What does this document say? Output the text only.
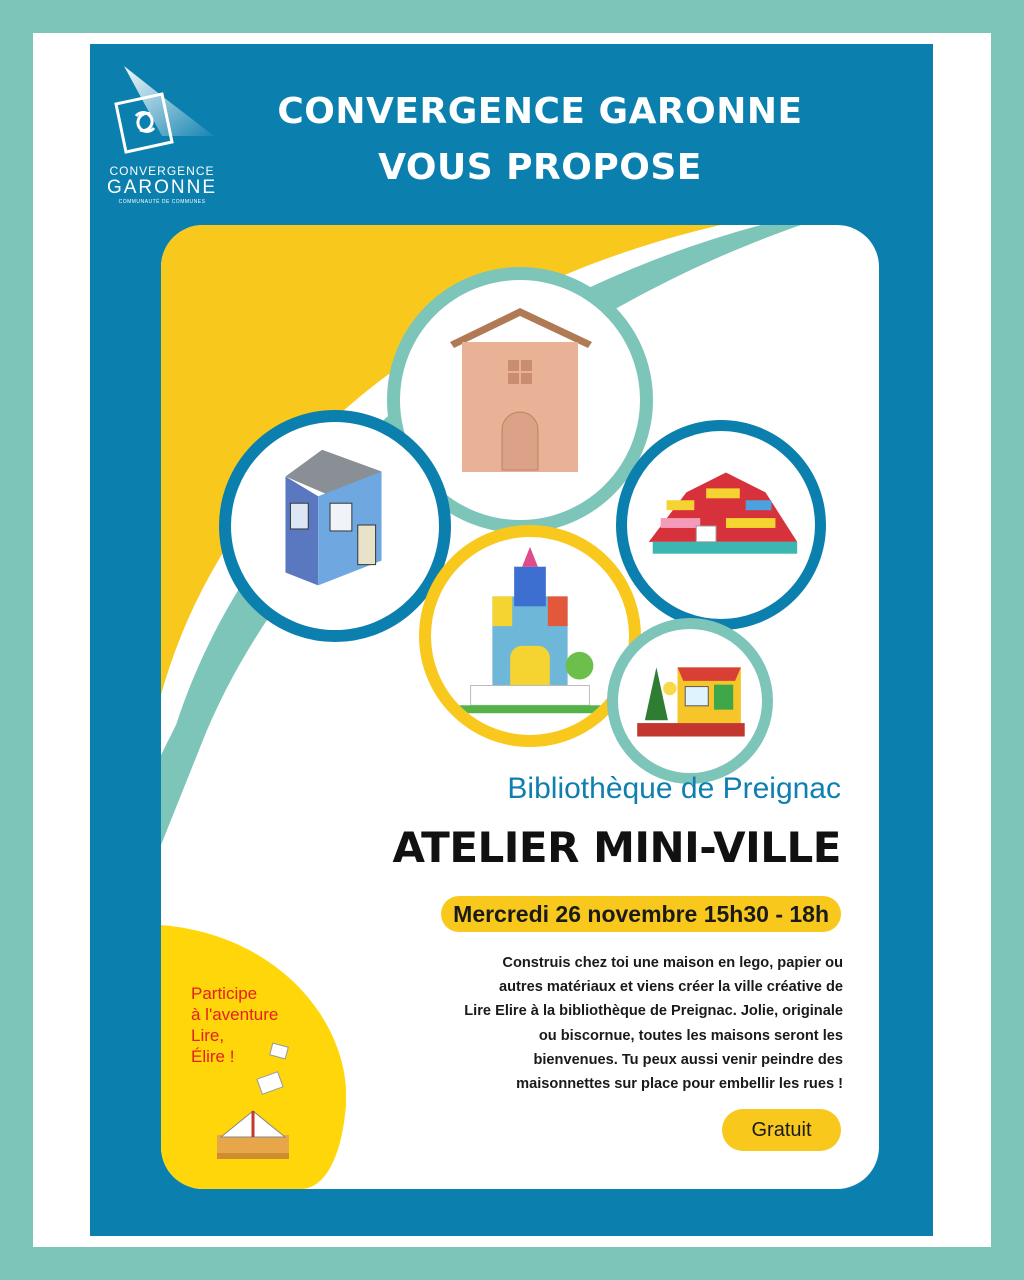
CONVERGENCE
GARONNE
COMMUNAUTÉ DE COMMUNES
CONVERGENCE GARONNE
VOUS PROPOSE
Bibliothèque de Preignac
ATELIER MINI-VILLE
Mercredi 26 novembre 15h30 - 18h
Construis chez toi une maison en lego, papier ou
autres matériaux et viens créer la ville créative de
Lire Elire à la bibliothèque de Preignac. Jolie, originale
ou biscornue, toutes les maisons seront les
bienvenues. Tu peux aussi venir peindre des
maisonnettes sur place pour embellir les rues !
Gratuit
Participe
à l'aventure
Lire,
Élire !
